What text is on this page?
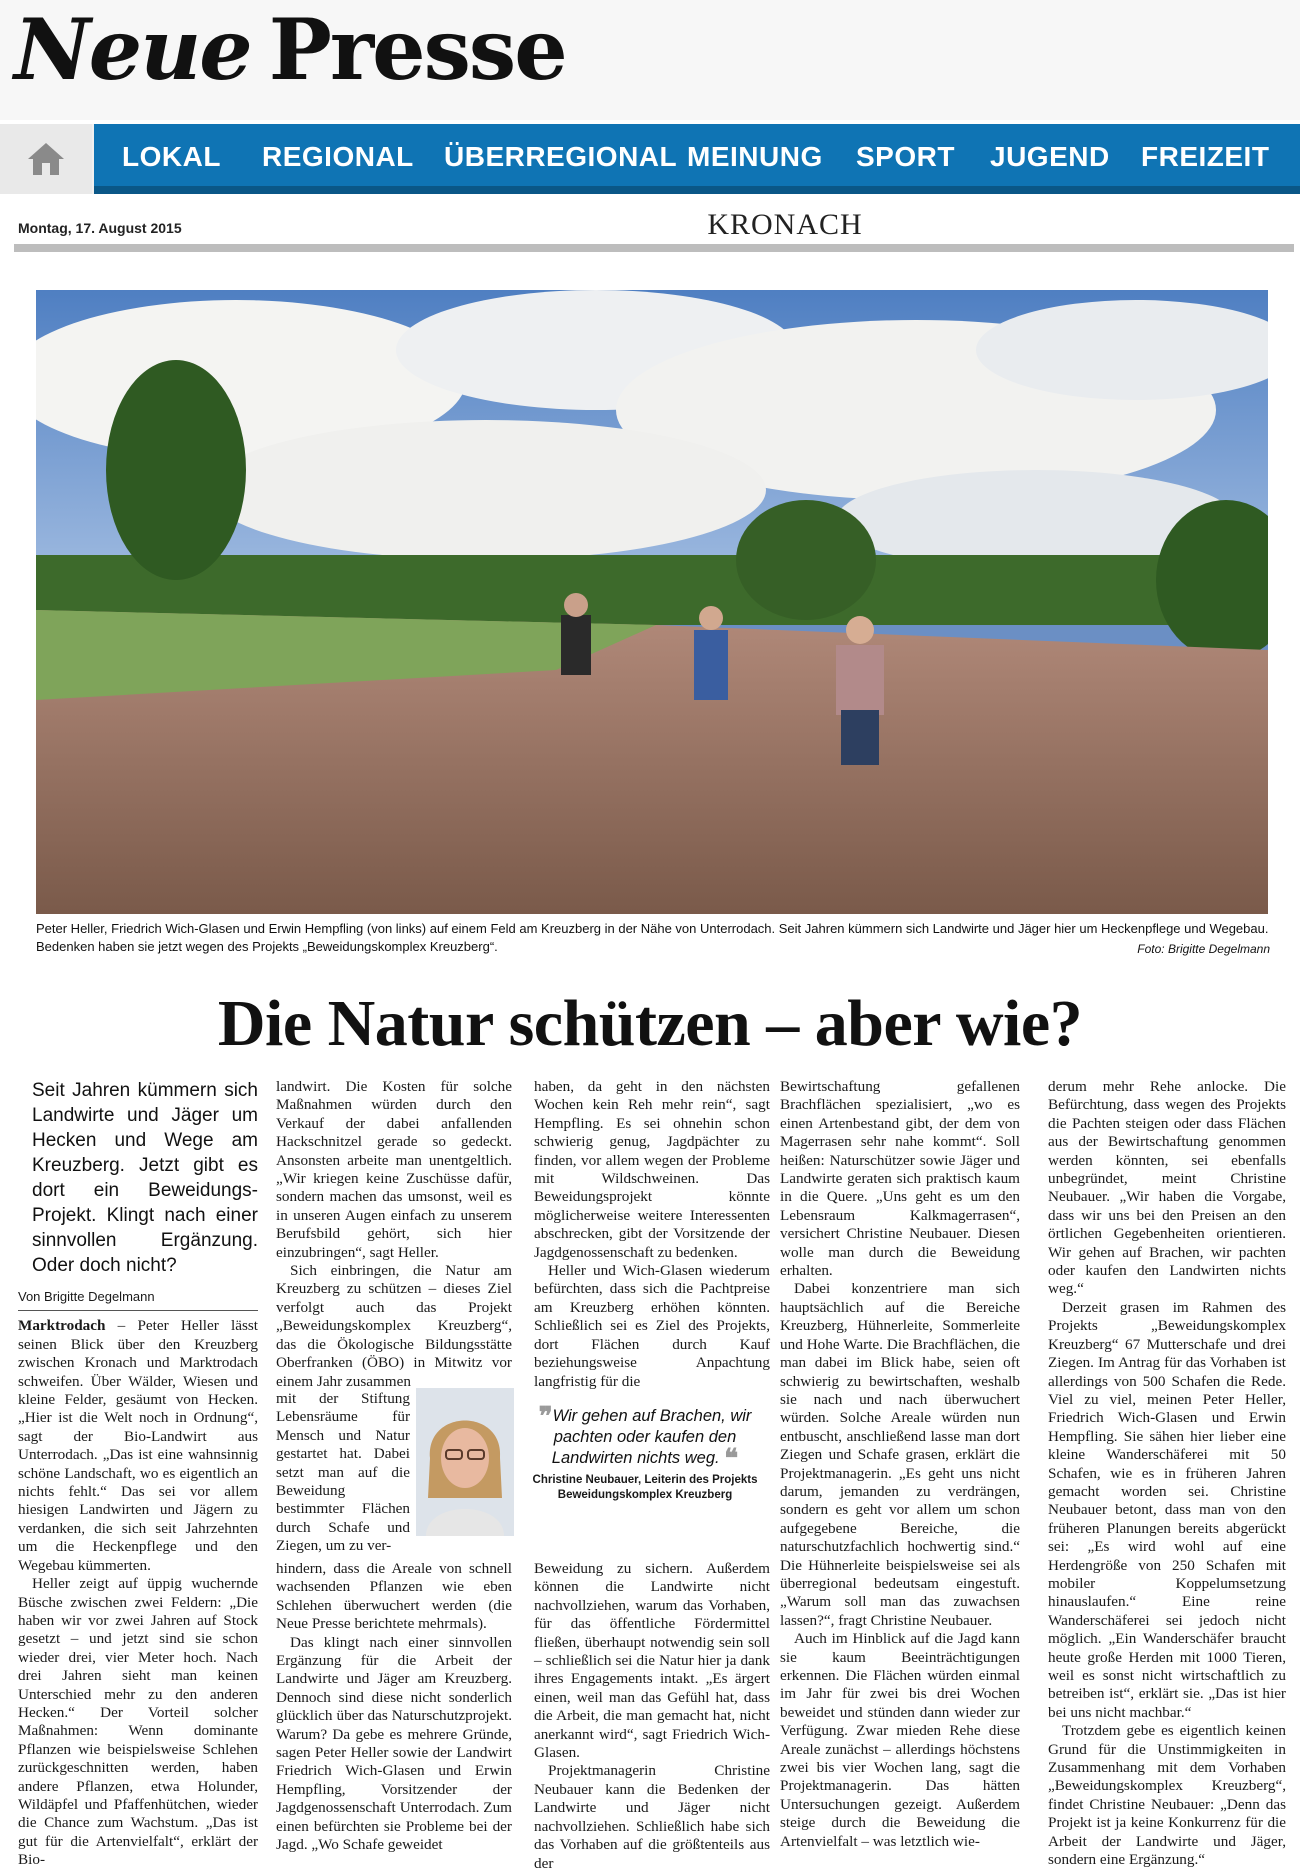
Neue Presse
LOKAL REGIONAL ÜBERREGIONAL MEINUNG SPORT JUGEND FREIZEIT
Montag, 17. August 2015	KRONACH
Peter Heller, Friedrich Wich-Glasen und Erwin Hempfling (von links) auf einem Feld am Kreuzberg in der Nähe von Unterrodach. Seit Jahren kümmern sich Landwirte und Jäger hier um Heckenpflege und Wegebau. Bedenken haben sie jetzt wegen des Projekts „Beweidungskomplex Kreuzberg“.	Foto: Brigitte Degelmann
Die Natur schützen – aber wie?
Seit Jahren kümmern sich Landwirte und Jäger um Hecken und Wege am Kreuzberg. Jetzt gibt es dort ein Beweidungs-Projekt. Klingt nach einer sinnvollen Ergänzung. Oder doch nicht?
Von Brigitte Degelmann

Marktrodach – Peter Heller lässt seinen Blick über den Kreuzberg zwischen Kronach und Marktrodach schweifen. Über Wälder, Wiesen und kleine Felder, gesäumt von Hecken. „Hier ist die Welt noch in Ordnung“, sagt der Bio-Landwirt aus Unterrodach. „Das ist eine wahnsinnig schöne Landschaft, wo es eigentlich an nichts fehlt.“ Das sei vor allem hiesigen Landwirten und Jägern zu verdanken, die sich seit Jahrzehnten um die Heckenpflege und den Wegebau kümmerten.

Heller zeigt auf üppig wuchernde Büsche zwischen zwei Feldern: „Die haben wir vor zwei Jahren auf Stock gesetzt – und jetzt sind sie schon wieder drei, vier Meter hoch. Nach drei Jahren sieht man keinen Unterschied mehr zu den anderen Hecken.“ Der Vorteil solcher Maßnahmen: Wenn dominante Pflanzen wie beispielsweise Schlehen zurückgeschnitten werden, haben andere Pflanzen, etwa Holunder, Wildäpfel und Pfaffenhütchen, wieder die Chance zum Wachstum. „Das ist gut für die Artenvielfalt“, erklärt der Bio-

landwirt. Die Kosten für solche Maßnahmen würden durch den Verkauf der dabei anfallenden Hackschnitzel gerade so gedeckt. Ansonsten arbeite man unentgeltlich. „Wir kriegen keine Zuschüsse dafür, sondern machen das umsonst, weil es in unseren Augen einfach zu unserem Berufsbild gehört, sich hier einzubringen“, sagt Heller.

Sich einbringen, die Natur am Kreuzberg zu schützen – dieses Ziel verfolgt auch das Projekt „Beweidungskomplex Kreuzberg“, das die Ökologische Bildungsstätte Oberfranken (ÖBO) in Mitwitz vor einem Jahr zusammen

mit der Stiftung Lebensräume für Mensch und Natur gestartet hat. Dabei setzt man auf die Beweidung bestimmter Flächen durch Schafe und Ziegen, um zu ver-

hindern, dass die Areale von schnell wachsenden Pflanzen wie eben Schlehen überwuchert werden (die Neue Presse berichtete mehrmals).

Das klingt nach einer sinnvollen Ergänzung für die Arbeit der Landwirte und Jäger am Kreuzberg. Dennoch sind diese nicht sonderlich glücklich über das Naturschutzprojekt. Warum? Da gebe es mehrere Gründe, sagen Peter Heller sowie der Landwirt Friedrich Wich-Glasen und Erwin Hempfling, Vorsitzender der Jagdgenossenschaft Unterrodach. Zum einen befürchten sie Probleme bei der Jagd. „Wo Schafe geweidet

haben, da geht in den nächsten Wochen kein Reh mehr rein“, sagt Hempfling. Es sei ohnehin schon schwierig genug, Jagdpächter zu finden, vor allem wegen der Probleme mit Wildschweinen. Das Beweidungsprojekt könnte möglicherweise weitere Interessenten abschrecken, gibt der Vorsitzende der Jagdgenossenschaft zu bedenken.

Heller und Wich-Glasen wiederum befürchten, dass sich die Pachtpreise am Kreuzberg erhöhen könnten. Schließlich sei es Ziel des Projekts, dort Flächen durch Kauf beziehungsweise Anpachtung langfristig für die

❞Wir gehen auf Brachen, wir pachten oder kaufen den Landwirten nichts weg. ❝
Christine Neubauer, Leiterin des Projekts Beweidungskomplex Kreuzberg

Beweidung zu sichern. Außerdem können die Landwirte nicht nachvollziehen, warum das Vorhaben, für das öffentliche Fördermittel fließen, überhaupt notwendig sein soll – schließlich sei die Natur hier ja dank ihres Engagements intakt. „Es ärgert einen, weil man das Gefühl hat, dass die Arbeit, die man gemacht hat, nicht anerkannt wird“, sagt Friedrich Wich-Glasen.

Projektmanagerin Christine Neubauer kann die Bedenken der Landwirte und Jäger nicht nachvollziehen. Schließlich habe sich das Vorhaben auf die größtenteils aus der

Bewirtschaftung gefallenen Brachflächen spezialisiert, „wo es einen Artenbestand gibt, der dem von Magerrasen sehr nahe kommt“. Soll heißen: Naturschützer sowie Jäger und Landwirte geraten sich praktisch kaum in die Quere. „Uns geht es um den Lebensraum Kalkmagerrasen“, versichert Christine Neubauer. Diesen wolle man durch die Beweidung erhalten.

Dabei konzentriere man sich hauptsächlich auf die Bereiche Kreuzberg, Hühnerleite, Sommerleite und Hohe Warte. Die Brachflächen, die man dabei im Blick habe, seien oft schwierig zu bewirtschaften, weshalb sie nach und nach überwuchert würden. Solche Areale würden nun entbuscht, anschließend lasse man dort Ziegen und Schafe grasen, erklärt die Projektmanagerin. „Es geht uns nicht darum, jemanden zu verdrängen, sondern es geht vor allem um schon aufgegebene Bereiche, die naturschutzfachlich hochwertig sind.“ Die Hühnerleite beispielsweise sei als überregional bedeutsam eingestuft. „Warum soll man das zuwachsen lassen?“, fragt Christine Neubauer.

Auch im Hinblick auf die Jagd kann sie kaum Beeinträchtigungen erkennen. Die Flächen würden einmal im Jahr für zwei bis drei Wochen beweidet und stünden dann wieder zur Verfügung. Zwar mieden Rehe diese Areale zunächst – allerdings höchstens zwei bis vier Wochen lang, sagt die Projektmanagerin. Das hätten Untersuchungen gezeigt. Außerdem steige durch die Beweidung die Artenvielfalt – was letztlich wie-

derum mehr Rehe anlocke. Die Befürchtung, dass wegen des Projekts die Pachten steigen oder dass Flächen aus der Bewirtschaftung genommen werden könnten, sei ebenfalls unbegründet, meint Christine Neubauer. „Wir haben die Vorgabe, dass wir uns bei den Preisen an den örtlichen Gegebenheiten orientieren. Wir gehen auf Brachen, wir pachten oder kaufen den Landwirten nichts weg.“

Derzeit grasen im Rahmen des Projekts „Beweidungskomplex Kreuzberg“ 67 Mutterschafe und drei Ziegen. Im Antrag für das Vorhaben ist allerdings von 500 Schafen die Rede. Viel zu viel, meinen Peter Heller, Friedrich Wich-Glasen und Erwin Hempfling. Sie sähen hier lieber eine kleine Wanderschäferei mit 50 Schafen, wie es in früheren Jahren gemacht worden sei. Christine Neubauer betont, dass man von den früheren Planungen bereits abgerückt sei: „Es wird wohl auf eine Herdengröße von 250 Schafen mit mobiler Koppelumsetzung hinauslaufen.“ Eine reine Wanderschäferei sei jedoch nicht möglich. „Ein Wanderschäfer braucht heute große Herden mit 1000 Tieren, weil es sonst nicht wirtschaftlich zu betreiben ist“, erklärt sie. „Das ist hier bei uns nicht machbar.“

Trotzdem gebe es eigentlich keinen Grund für die Unstimmigkeiten in Zusammenhang mit dem Vorhaben „Beweidungskomplex Kreuzberg“, findet Christine Neubauer: „Denn das Projekt ist ja keine Konkurrenz für die Arbeit der Landwirte und Jäger, sondern eine Ergänzung.“
